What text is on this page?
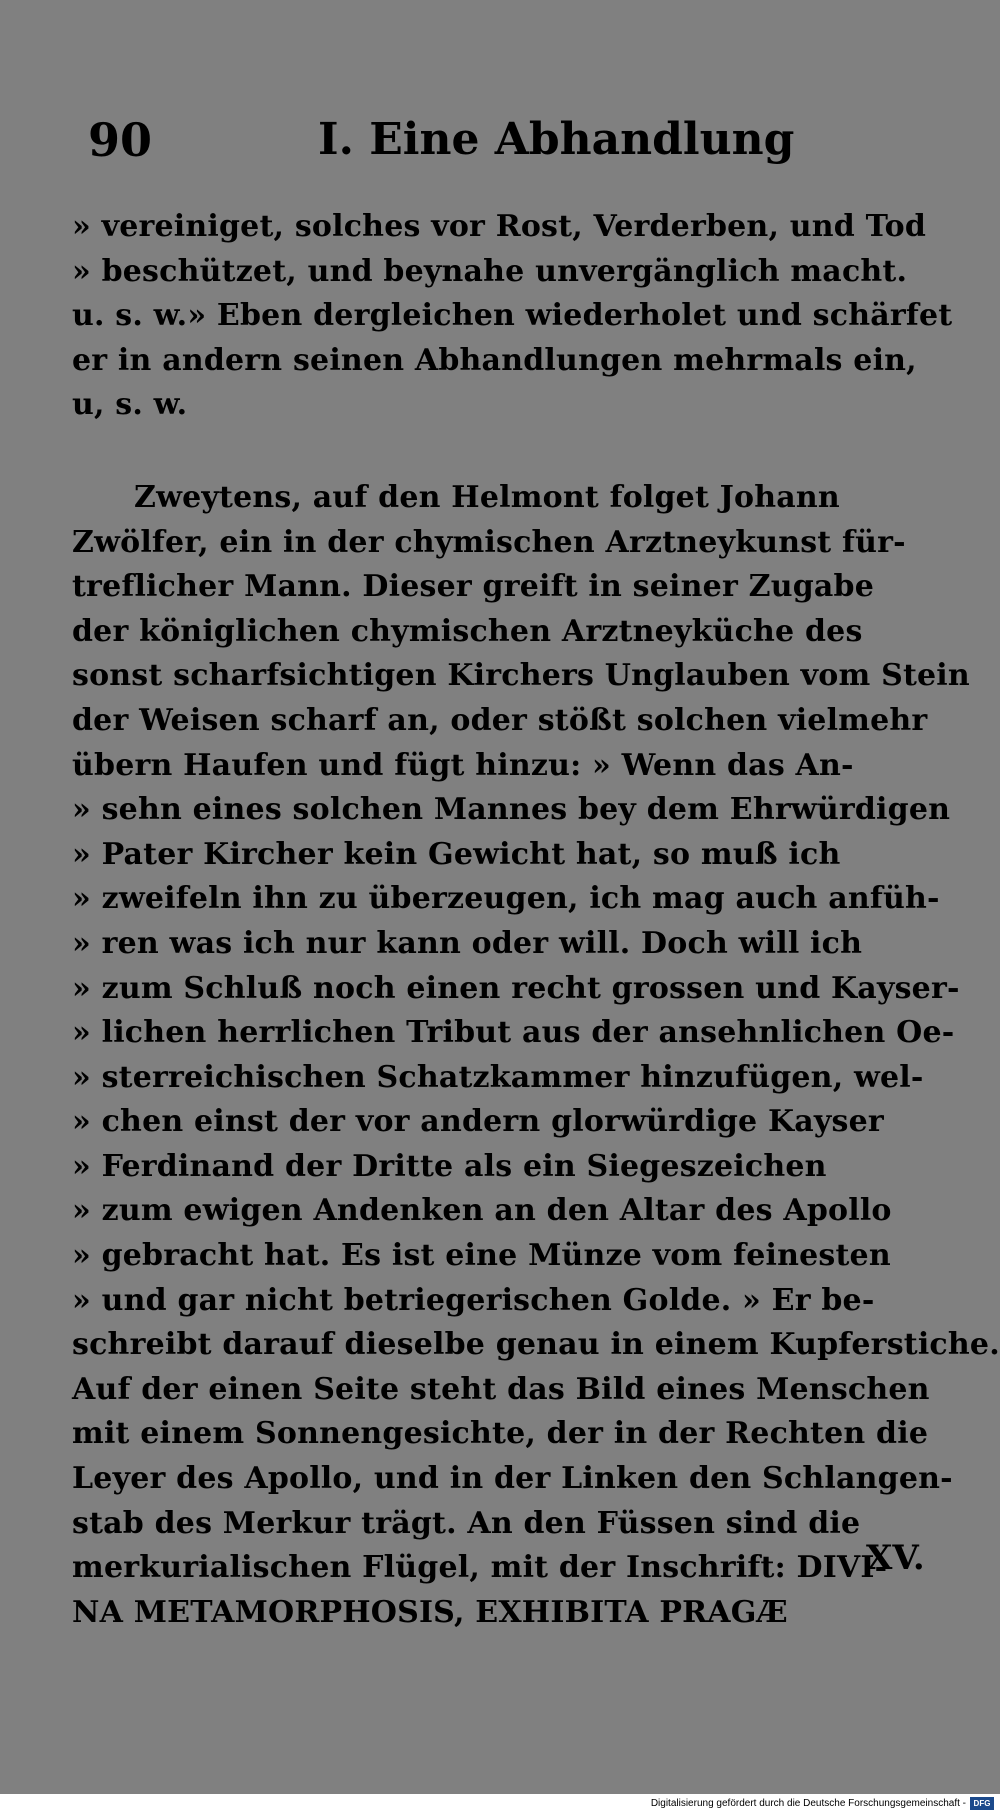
90	I. Eine Abhandlung
» vereiniget, solches vor Rost, Verderben, und Tod
» beschützet, und beynahe unvergänglich macht.
u. s. w.» Eben dergleichen wiederholet und schärfet
er in andern seinen Abhandlungen mehrmals ein,
u, s. w.
Zweytens, auf den Helmont folget Johann
Zwölfer, ein in der chymischen Arztneykunst für-
treflicher Mann. Dieser greift in seiner Zugabe
der königlichen chymischen Arztneyküche des
sonst scharfsichtigen Kirchers Unglauben vom Stein
der Weisen scharf an, oder stößt solchen vielmehr
übern Haufen und fügt hinzu: » Wenn das An-
» sehn eines solchen Mannes bey dem Ehrwürdigen
» Pater Kircher kein Gewicht hat, so muß ich
» zweifeln ihn zu überzeugen, ich mag auch anfüh-
» ren was ich nur kann oder will. Doch will ich
» zum Schluß noch einen recht grossen und Kayser-
» lichen herrlichen Tribut aus der ansehnlichen Oe-
» sterreichischen Schatzkammer hinzufügen, wel-
» chen einst der vor andern glorwürdige Kayser
» Ferdinand der Dritte als ein Siegeszeichen
» zum ewigen Andenken an den Altar des Apollo
» gebracht hat. Es ist eine Münze vom feinesten
» und gar nicht betriegerischen Golde. » Er be-
schreibt darauf dieselbe genau in einem Kupferstiche.
Auf der einen Seite steht das Bild eines Menschen
mit einem Sonnengesichte, der in der Rechten die
Leyer des Apollo, und in der Linken den Schlangen-
stab des Merkur trägt. An den Füssen sind die
merkurialischen Flügel, mit der Inschrift: DIVI-
NA METAMORPHOSIS, EXHIBITA PRAGÆ
XV.
Digitalisierung gefördert durch die Deutsche Forschungsgemeinschaft - DFG
